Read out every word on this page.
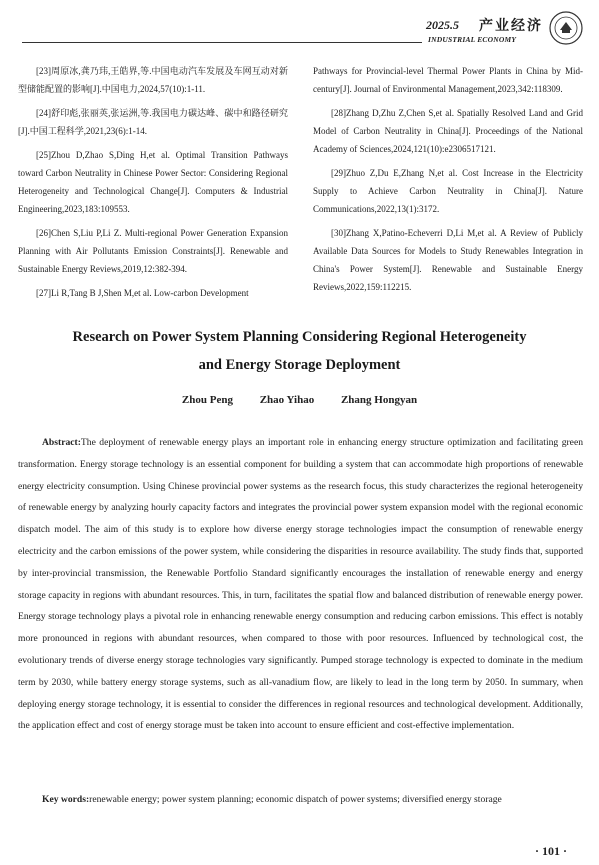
2025.5 产业经济
INDUSTRIAL ECONOMY

[23]周原冰,龚乃玮,王皓界,等.中国电动汽车发展及车网互动对新型储能配置的影响[J].中国电力,2024,57(10):1-11.

[24]舒印彪,张丽英,张运洲,等.我国电力碳达峰、碳中和路径研究[J].中国工程科学,2021,23(6):1-14.

[25]Zhou D,Zhao S,Ding H,et al. Optimal Transition Pathways toward Carbon Neutrality in Chinese Power Sector: Considering Regional Heterogeneity and Technological Change[J]. Computers & Industrial Engineering,2023,183:109553.

[26]Chen S,Liu P,Li Z. Multi-regional Power Generation Expansion Planning with Air Pollutants Emission Constraints[J]. Renewable and Sustainable Energy Reviews,2019,12:382-394.

[27]Li R,Tang B J,Shen M,et al. Low-carbon Development

Pathways for Provincial-level Thermal Power Plants in China by Mid-century[J]. Journal of Environmental Management,2023,342:118309.

[28]Zhang D,Zhu Z,Chen S,et al. Spatially Resolved Land and Grid Model of Carbon Neutrality in China[J]. Proceedings of the National Academy of Sciences,2024,121(10):e2306517121.

[29]Zhuo Z,Du E,Zhang N,et al. Cost Increase in the Electricity Supply to Achieve Carbon Neutrality in China[J]. Nature Communications,2022,13(1):3172.

[30]Zhang X,Patino-Echeverri D,Li M,et al. A Review of Publicly Available Data Sources for Models to Study Renewables Integration in China's Power System[J]. Renewable and Sustainable Energy Reviews,2022,159:112215.

Research on Power System Planning Considering Regional Heterogeneity
and Energy Storage Deployment
Zhou Peng Zhao Yihao Zhang Hongyan
Abstract:The deployment of renewable energy plays an important role in enhancing energy structure optimization and facilitating green transformation. Energy storage technology is an essential component for building a system that can accommodate high proportions of renewable energy electricity consumption. Using Chinese provincial power systems as the research focus, this study characterizes the regional heterogeneity of renewable energy by analyzing hourly capacity factors and integrates the provincial power system expansion model with the regional economic dispatch model. The aim of this study is to explore how diverse energy storage technologies impact the consumption of renewable energy electricity and the carbon emissions of the power system, while considering the disparities in resource availability. The study finds that, supported by inter-provincial transmission, the Renewable Portfolio Standard significantly encourages the installation of renewable energy and energy storage capacity in regions with abundant resources. This, in turn, facilitates the spatial flow and balanced distribution of renewable energy power. Energy storage technology plays a pivotal role in enhancing renewable energy consumption and reducing carbon emissions. This effect is notably more pronounced in regions with abundant resources, when compared to those with poor resources. Influenced by technological cost, the evolutionary trends of diverse energy storage technologies vary significantly. Pumped storage technology is expected to dominate in the medium term by 2030, while battery energy storage systems, such as all-vanadium flow, are likely to lead in the long term by 2050. In summary, when deploying energy storage technology, it is essential to consider the differences in regional resources and technological development. Additionally, the application effect and cost of energy storage must be taken into account to ensure efficient and cost-effective implementation.
Key words:renewable energy; power system planning; economic dispatch of power systems; diversified energy storage
· 101 ·
